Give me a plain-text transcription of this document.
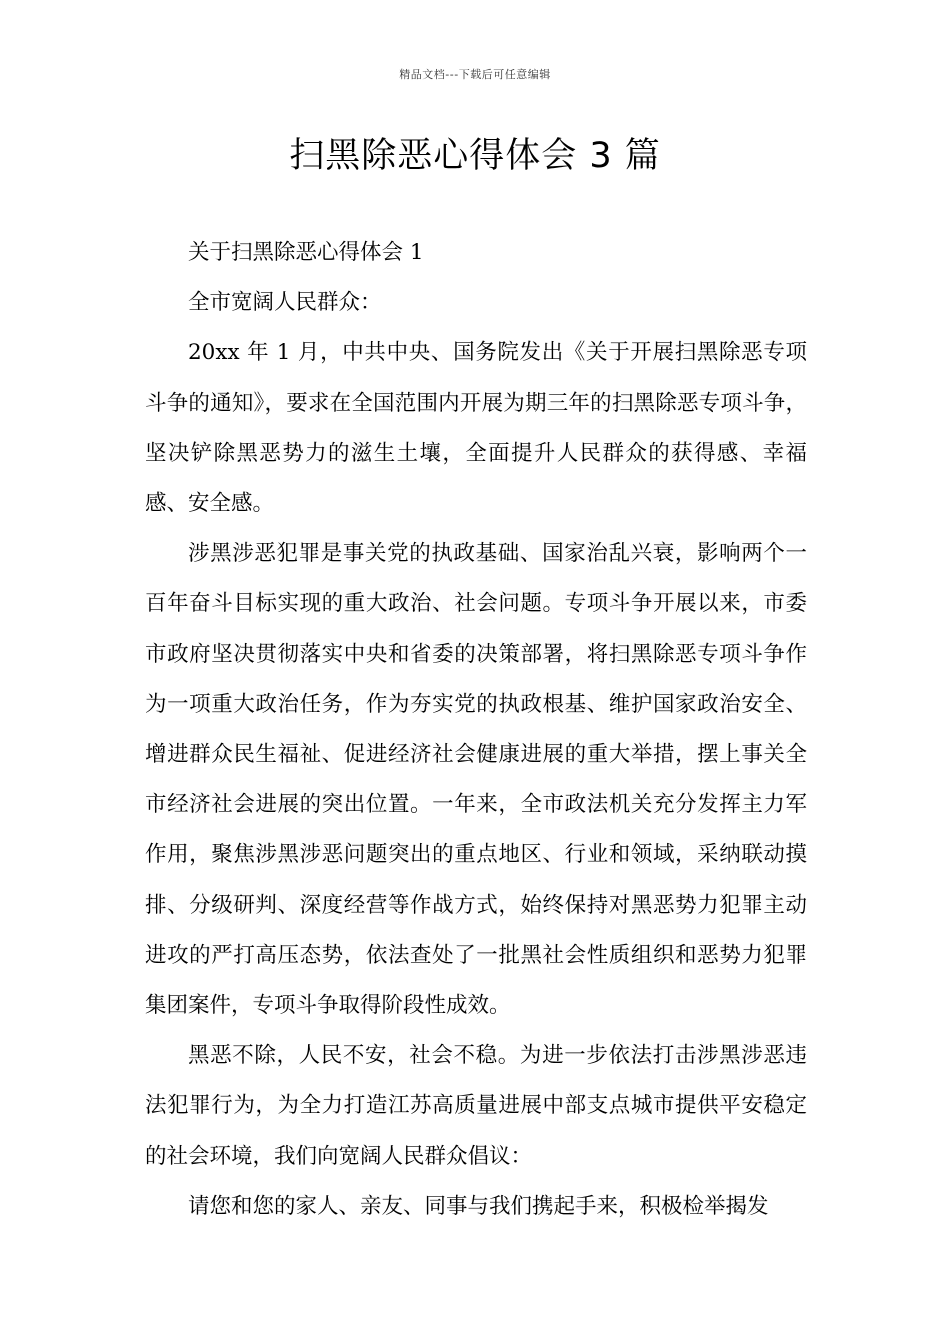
精品文档---下载后可任意编辑
扫黑除恶心得体会 3 篇

关于扫黑除恶心得体会 1

全市宽阔人民群众：

20xx 年 1 月，中共中央、国务院发出《关于开展扫黑除恶专项斗争的通知》，要求在全国范围内开展为期三年的扫黑除恶专项斗争，坚决铲除黑恶势力的滋生土壤，全面提升人民群众的获得感、幸福感、安全感。

涉黑涉恶犯罪是事关党的执政基础、国家治乱兴衰，影响两个一百年奋斗目标实现的重大政治、社会问题。专项斗争开展以来，市委市政府坚决贯彻落实中央和省委的决策部署，将扫黑除恶专项斗争作为一项重大政治任务，作为夯实党的执政根基、维护国家政治安全、增进群众民生福祉、促进经济社会健康进展的重大举措，摆上事关全市经济社会进展的突出位置。一年来，全市政法机关充分发挥主力军作用，聚焦涉黑涉恶问题突出的重点地区、行业和领域，采纳联动摸排、分级研判、深度经营等作战方式，始终保持对黑恶势力犯罪主动进攻的严打高压态势，依法查处了一批黑社会性质组织和恶势力犯罪集团案件，专项斗争取得阶段性成效。

黑恶不除，人民不安，社会不稳。为进一步依法打击涉黑涉恶违法犯罪行为，为全力打造江苏高质量进展中部支点城市提供平安稳定的社会环境，我们向宽阔人民群众倡议：

请您和您的家人、亲友、同事与我们携起手来，积极检举揭发
